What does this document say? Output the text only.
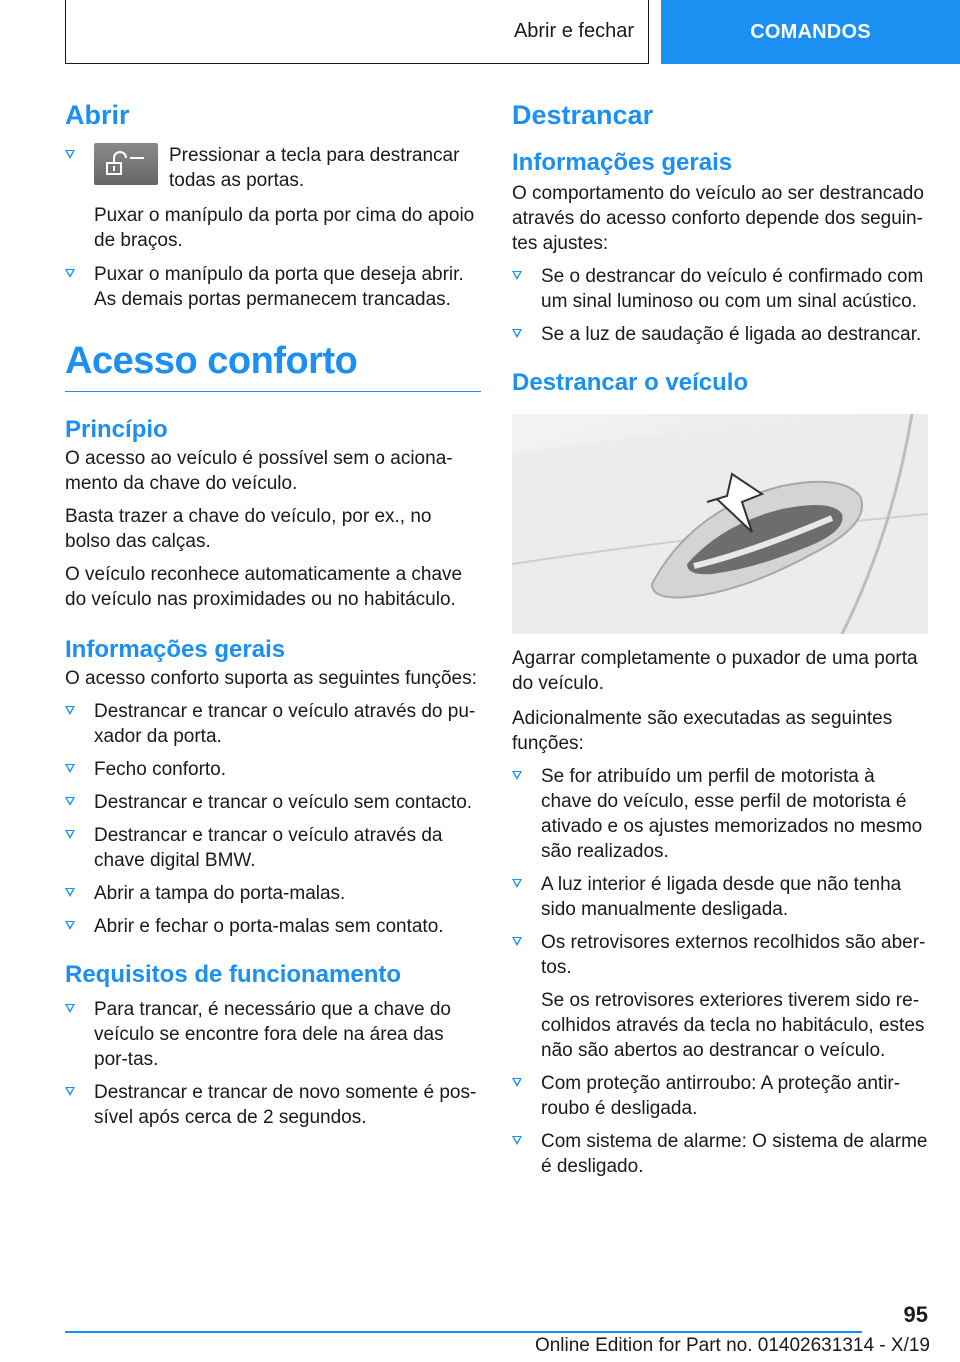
Abrir e fechar	COMANDOS
Abrir
Pressionar a tecla para destrancar todas as portas.
Puxar o manípulo da porta por cima do apoio de braços.
Puxar o manípulo da porta que deseja abrir. As demais portas permanecem trancadas.
Acesso conforto
Princípio

O acesso ao veículo é possível sem o aciona-mento da chave do veículo.

Basta trazer a chave do veículo, por ex., no bolso das calças.

O veículo reconhece automaticamente a chave do veículo nas proximidades ou no habitáculo.

Informações gerais

O acesso conforto suporta as seguintes funções:

Destrancar e trancar o veículo através do pu-xador da porta.
Fecho conforto.
Destrancar e trancar o veículo sem contacto.
Destrancar e trancar o veículo através da chave digital BMW.
Abrir a tampa do porta-malas.
Abrir e fechar o porta-malas sem contato.
Requisitos de funcionamento
Para trancar, é necessário que a chave do veículo se encontre fora dele na área das por-tas.
Destrancar e trancar de novo somente é pos-sível após cerca de 2 segundos.
Destrancar
Informações gerais

O comportamento do veículo ao ser destrancado através do acesso conforto depende dos seguin-tes ajustes:

Se o destrancar do veículo é confirmado com um sinal luminoso ou com um sinal acústico.
Se a luz de saudação é ligada ao destrancar.
Destrancar o veículo

Agarrar completamente o puxador de uma porta do veículo.

Adicionalmente são executadas as seguintes funções:

Se for atribuído um perfil de motorista à chave do veículo, esse perfil de motorista é ativado e os ajustes memorizados no mesmo são realizados.
A luz interior é ligada desde que não tenha sido manualmente desligada.
Os retrovisores externos recolhidos são aber-tos.
Se os retrovisores exteriores tiverem sido re-colhidos através da tecla no habitáculo, estes não são abertos ao destrancar o veículo.
Com proteção antirroubo: A proteção antir-roubo é desligada.
Com sistema de alarme: O sistema de alarme é desligado.
95
Online Edition for Part no. 01402631314 - X/19
